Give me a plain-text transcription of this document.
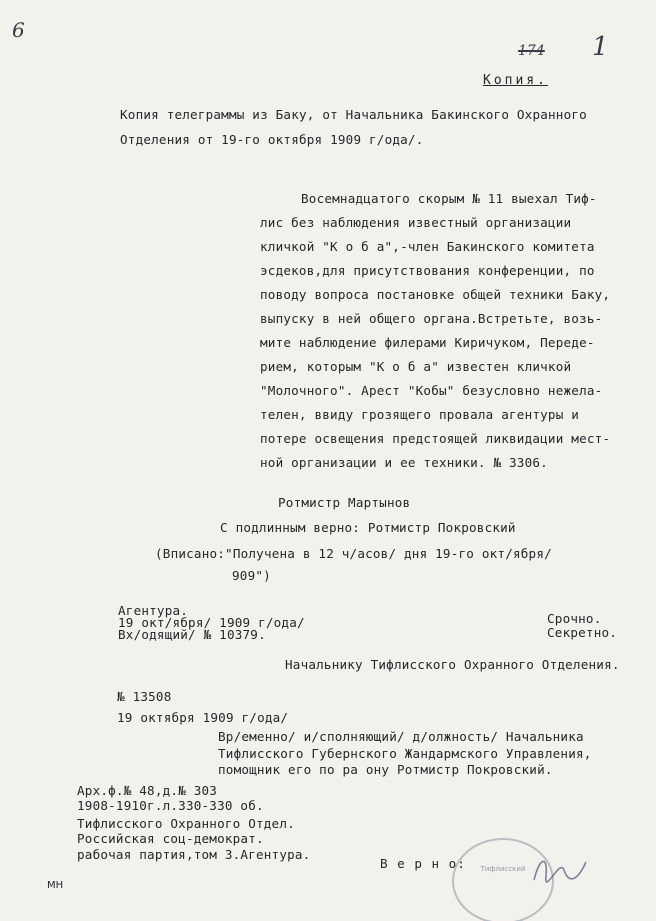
6
174 1
Копия.
Копия телеграммы из Баку, от Начальника Бакинского Охранного
Отделения от 19-го октября 1909 г/ода/.
Восемнадцатого скорым № 11 выехал Тиф-
лис без наблюдения известный организации
кличкой "К о б а",-член Бакинского комитета
эсдеков,для присутствования конференции, по
поводу вопроса постановке общей техники Баку,
выпуску в ней общего органа.Встретьте, возь-
мите наблюдение филерами Киричуком, Переде-
рием, которым "К о б а" известен кличкой
"Молочного". Арест "Кобы" безусловно нежела-
телен, ввиду грозящего провала агентуры и
потере освещения предстоящей ликвидации мест-
ной организации и ее техники. № 3306.
Ротмистр Мартынов
С подлинным верно: Ротмистр Покровский
(Вписано:"Получена в 12 ч/асов/ дня 19-го окт/ября/
909")
Агентура.
19 окт/ября/ 1909 г/ода/
Вх/одящий/ № 10379.
Срочно.
Секретно.
Начальнику Тифлисского Охранного Отделения.
№ 13508
19 октября 1909 г/ода/
Вр/еменно/ и/сполняющий/ д/олжность/ Начальника
Тифлисского Губернского Жандармского Управления,
помощник его по ра ону Ротмистр Покровский.
Арх.ф.№ 48,д.№ 303
1908-1910г.л.330-330 об.
Тифлисского Охранного Отдел.
Российская соц-демократ.
рабочая партия,том 3.Агентура.
Тифлисский
В е р н о:
МН
